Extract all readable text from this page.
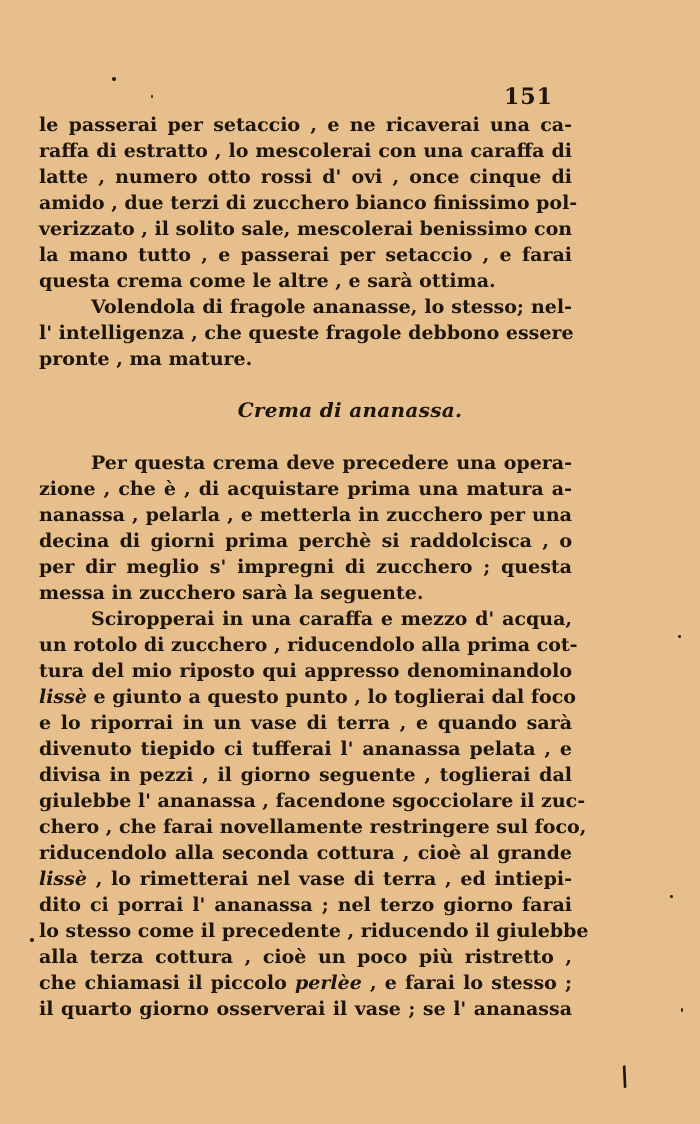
151
le passerai per setaccio , e ne ricaverai una ca-
raffa di estratto , lo mescolerai con una caraffa di
latte , numero otto rossi d' ovi , once cinque di
amido , due terzi di zucchero bianco finissimo pol-
verizzato , il solito sale, mescolerai benissimo con
la mano tutto , e passerai per setaccio , e farai
questa crema come le altre , e sarà ottima.
Volendola di fragole ananasse, lo stesso; nel-
l' intelligenza , che queste fragole debbono essere
pronte , ma mature.
Crema di ananassa.
Per questa crema deve precedere una opera-
zione , che è , di acquistare prima una matura a-
nanassa , pelarla , e metterla in zucchero per una
decina di giorni prima perchè si raddolcisca , o
per dir meglio s' impregni di zucchero ; questa
messa in zucchero sarà la seguente.
Sciropperai in una caraffa e mezzo d' acqua,
un rotolo di zucchero , riducendolo alla prima cot-
tura del mio riposto qui appresso denominandolo
lissè e giunto a questo punto , lo toglierai dal foco
e lo riporrai in un vase di terra , e quando sarà
divenuto tiepido ci tufferai l' ananassa pelata , e
divisa in pezzi , il giorno seguente , toglierai dal
giulebbe l' ananassa , facendone sgocciolare il zuc-
chero , che farai novellamente restringere sul foco,
riducendolo alla seconda cottura , cioè al grande
lissè , lo rimetterai nel vase di terra , ed intiepi-
dito ci porrai l' ananassa ; nel terzo giorno farai
lo stesso come il precedente , riducendo il giulebbe
alla terza cottura , cioè un poco più ristretto ,
che chiamasi il piccolo perlèe , e farai lo stesso ;
il quarto giorno osserverai il vase ; se l' ananassa
∕
